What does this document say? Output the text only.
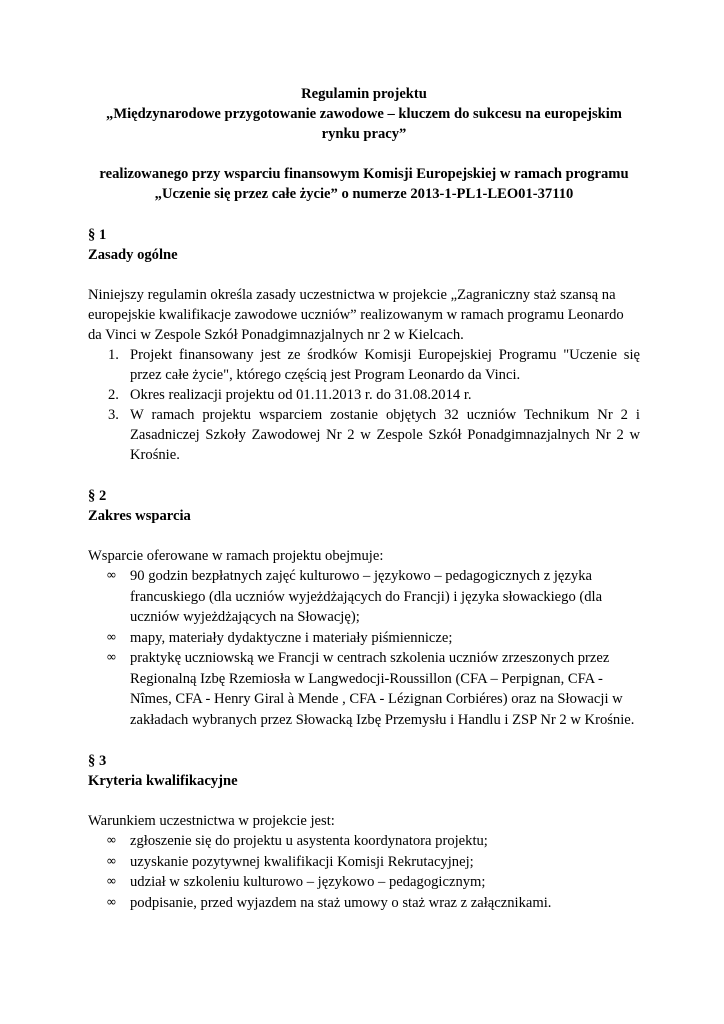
Regulamin projektu
„Międzynarodowe przygotowanie zawodowe – kluczem do sukcesu na europejskim
rynku pracy”
realizowanego przy wsparciu finansowym Komisji Europejskiej w ramach programu
„Uczenie się przez całe życie” o numerze 2013-1-PL1-LEO01-37110
§ 1
Zasady ogólne
Niniejszy regulamin określa zasady uczestnictwa w projekcie „Zagraniczny staż szansą na europejskie kwalifikacje zawodowe uczniów” realizowanym w ramach programu Leonardo da Vinci w Zespole Szkół Ponadgimnazjalnych nr 2 w Kielcach.
1. Projekt finansowany jest ze środków Komisji Europejskiej Programu "Uczenie się przez całe życie", którego częścią jest Program Leonardo da Vinci.
2. Okres realizacji projektu od 01.11.2013 r. do 31.08.2014 r.
3. W ramach projektu wsparciem zostanie objętych 32 uczniów Technikum Nr 2 i Zasadniczej Szkoły Zawodowej Nr 2 w Zespole Szkół Ponadgimnazjalnych Nr 2 w Krośnie.
§ 2
Zakres wsparcia
Wsparcie oferowane w ramach projektu obejmuje:
∞ 90 godzin bezpłatnych zajęć kulturowo – językowo – pedagogicznych z języka francuskiego (dla uczniów wyjeżdżających do Francji) i języka słowackiego (dla uczniów wyjeżdżających na Słowację);
∞ mapy, materiały dydaktyczne i materiały piśmiennicze;
∞ praktykę uczniowską we Francji w centrach szkolenia uczniów zrzeszonych przez Regionalną Izbę Rzemiosła w Langwedocji-Roussillon (CFA – Perpignan, CFA - Nîmes, CFA - Henry Giral à Mende , CFA - Lézignan Corbiéres) oraz na Słowacji w zakładach wybranych przez Słowacką Izbę Przemysłu i Handlu i ZSP Nr 2 w Krośnie.
§ 3
Kryteria kwalifikacyjne
Warunkiem uczestnictwa w projekcie jest:
∞ zgłoszenie się do projektu u asystenta koordynatora projektu;
∞ uzyskanie pozytywnej kwalifikacji Komisji Rekrutacyjnej;
∞ udział w szkoleniu kulturowo – językowo – pedagogicznym;
∞ podpisanie, przed wyjazdem na staż umowy o staż wraz z załącznikami.
